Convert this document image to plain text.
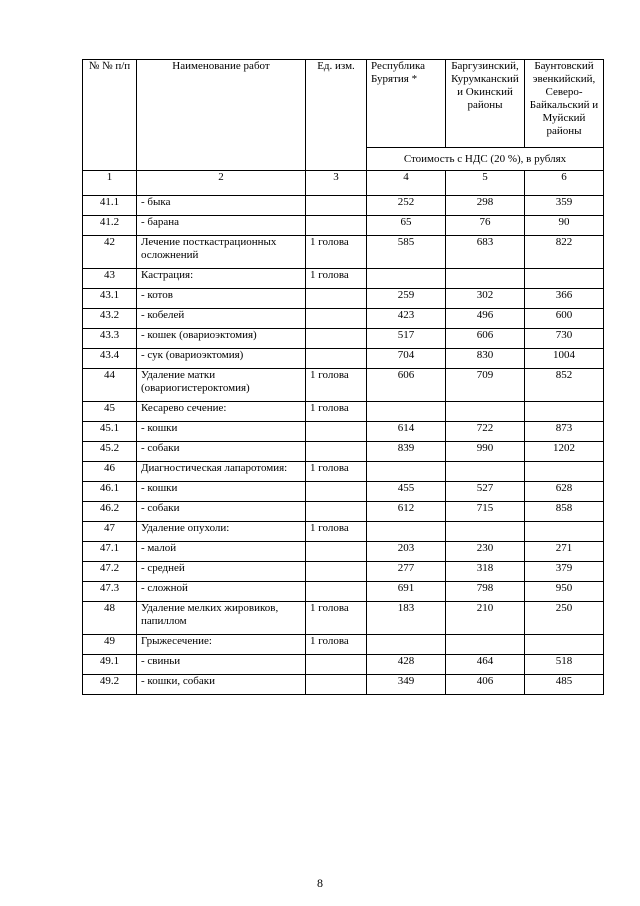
№ № п/п	Наименование работ	Ед. изм.	Республика Бурятия *	Баргузинский, Курумканский и Окинский районы	Баунтовский эвенкийский, Северо-Байкальский и Муйский районы
			Стоимость с НДС (20 %), в рублях		
1	2	3	4	5	6
41.1	- быка		252	298	359
41.2	- барана		65	76	90
42	Лечение посткастрационных осложнений	1 голова	585	683	822
43	Кастрация:	1 голова			
43.1	- котов		259	302	366
43.2	- кобелей		423	496	600
43.3	- кошек (овариоэктомия)		517	606	730
43.4	- сук (овариоэктомия)		704	830	1004
44	Удаление матки (овариогистероктомия)	1 голова	606	709	852
45	Кесарево сечение:	1 голова			
45.1	- кошки		614	722	873
45.2	- собаки		839	990	1202
46	Диагностическая лапаротомия:	1 голова			
46.1	- кошки		455	527	628
46.2	- собаки		612	715	858
47	Удаление опухоли:	1 голова			
47.1	- малой		203	230	271
47.2	- средней		277	318	379
47.3	- сложной		691	798	950
48	Удаление мелких жировиков, папиллом	1 голова	183	210	250
49	Грыжесечение:	1 голова			
49.1	- свиньи		428	464	518
49.2	- кошки, собаки		349	406	485
8
